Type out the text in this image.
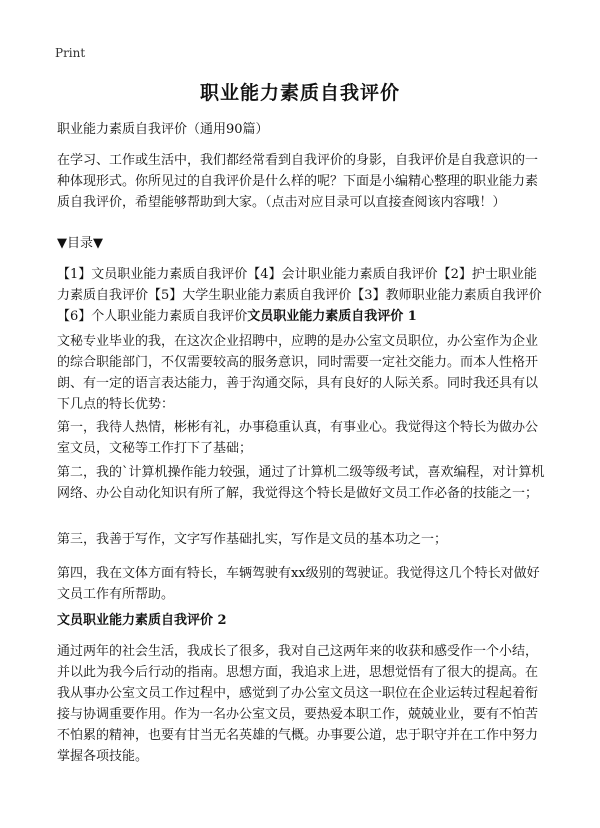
Print
职业能力素质自我评价

职业能力素质自我评价（通用90篇）

在学习、工作或生活中，我们都经常看到自我评价的身影，自我评价是自我意识的一种体现形式。你所见过的自我评价是什么样的呢？下面是小编精心整理的职业能力素质自我评价，希望能够帮助到大家。（点击对应目录可以直接查阅该内容哦！）

▼目录▼

【1】文员职业能力素质自我评价【4】会计职业能力素质自我评价【2】护士职业能力素质自我评价【5】大学生职业能力素质自我评价【3】教师职业能力素质自我评价【6】个人职业能力素质自我评价文员职业能力素质自我评价 1

文秘专业毕业的我，在这次企业招聘中，应聘的是办公室文员职位，办公室作为企业的综合职能部门，不仅需要较高的服务意识，同时需要一定社交能力。而本人性格开朗、有一定的语言表达能力，善于沟通交际，具有良好的人际关系。同时我还具有以下几点的特长优势：

第一，我待人热情，彬彬有礼，办事稳重认真，有事业心。我觉得这个特长为做办公室文员，文秘等工作打下了基础；

第二，我的`计算机操作能力较强，通过了计算机二级等级考试，喜欢编程，对计算机网络、办公自动化知识有所了解，我觉得这个特长是做好文员工作必备的技能之一；

第三，我善于写作，文字写作基础扎实，写作是文员的基本功之一；

第四，我在文体方面有特长，车辆驾驶有xx级别的驾驶证。我觉得这几个特长对做好文员工作有所帮助。

文员职业能力素质自我评价 2

通过两年的社会生活，我成长了很多，我对自己这两年来的收获和感受作一个小结，并以此为我今后行动的指南。思想方面，我追求上进，思想觉悟有了很大的提高。在我从事办公室文员工作过程中，感觉到了办公室文员这一职位在企业运转过程起着衔接与协调重要作用。作为一名办公室文员，要热爱本职工作，兢兢业业，要有不怕苦不怕累的精神，也要有甘当无名英雄的气概。办事要公道，忠于职守并在工作中努力掌握各项技能。
